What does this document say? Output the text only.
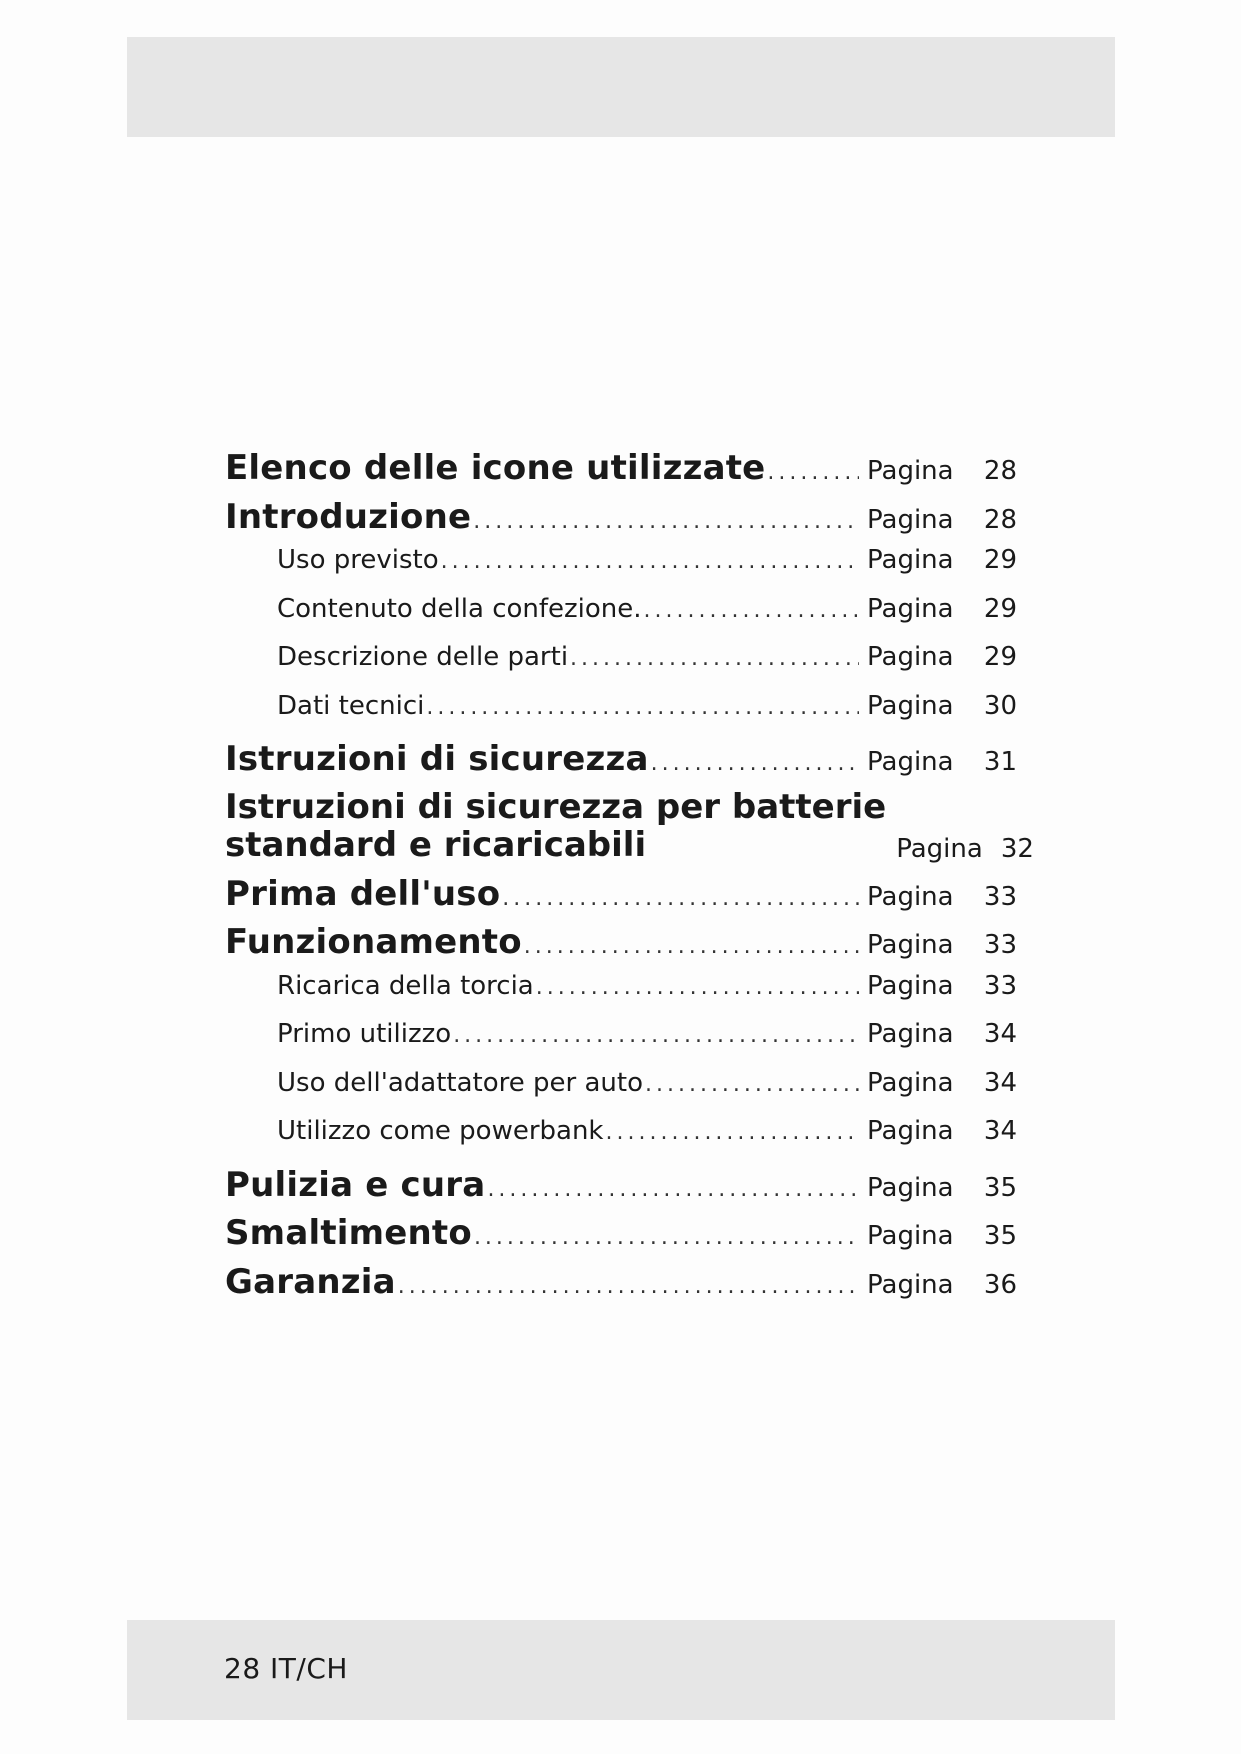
Elenco delle icone utilizzate .....	Pagina 28
Introduzione .....	Pagina 28
Uso previsto .....	Pagina 29
Contenuto della confezione. .....	Pagina 29
Descrizione delle parti .....	Pagina 29
Dati tecnici .....	Pagina 30
Istruzioni di sicurezza .....	Pagina 31
Istruzioni di sicurezza per batterie
standard e ricaricabili	Pagina 32
Prima dell'uso .....	Pagina 33
Funzionamento .....	Pagina 33
Ricarica della torcia .....	Pagina 33
Primo utilizzo .....	Pagina 34
Uso dell'adattatore per auto .....	Pagina 34
Utilizzo come powerbank .....	Pagina 34
Pulizia e cura .....	Pagina 35
Smaltimento .....	Pagina 35
Garanzia .....	Pagina 36
28 IT/CH
